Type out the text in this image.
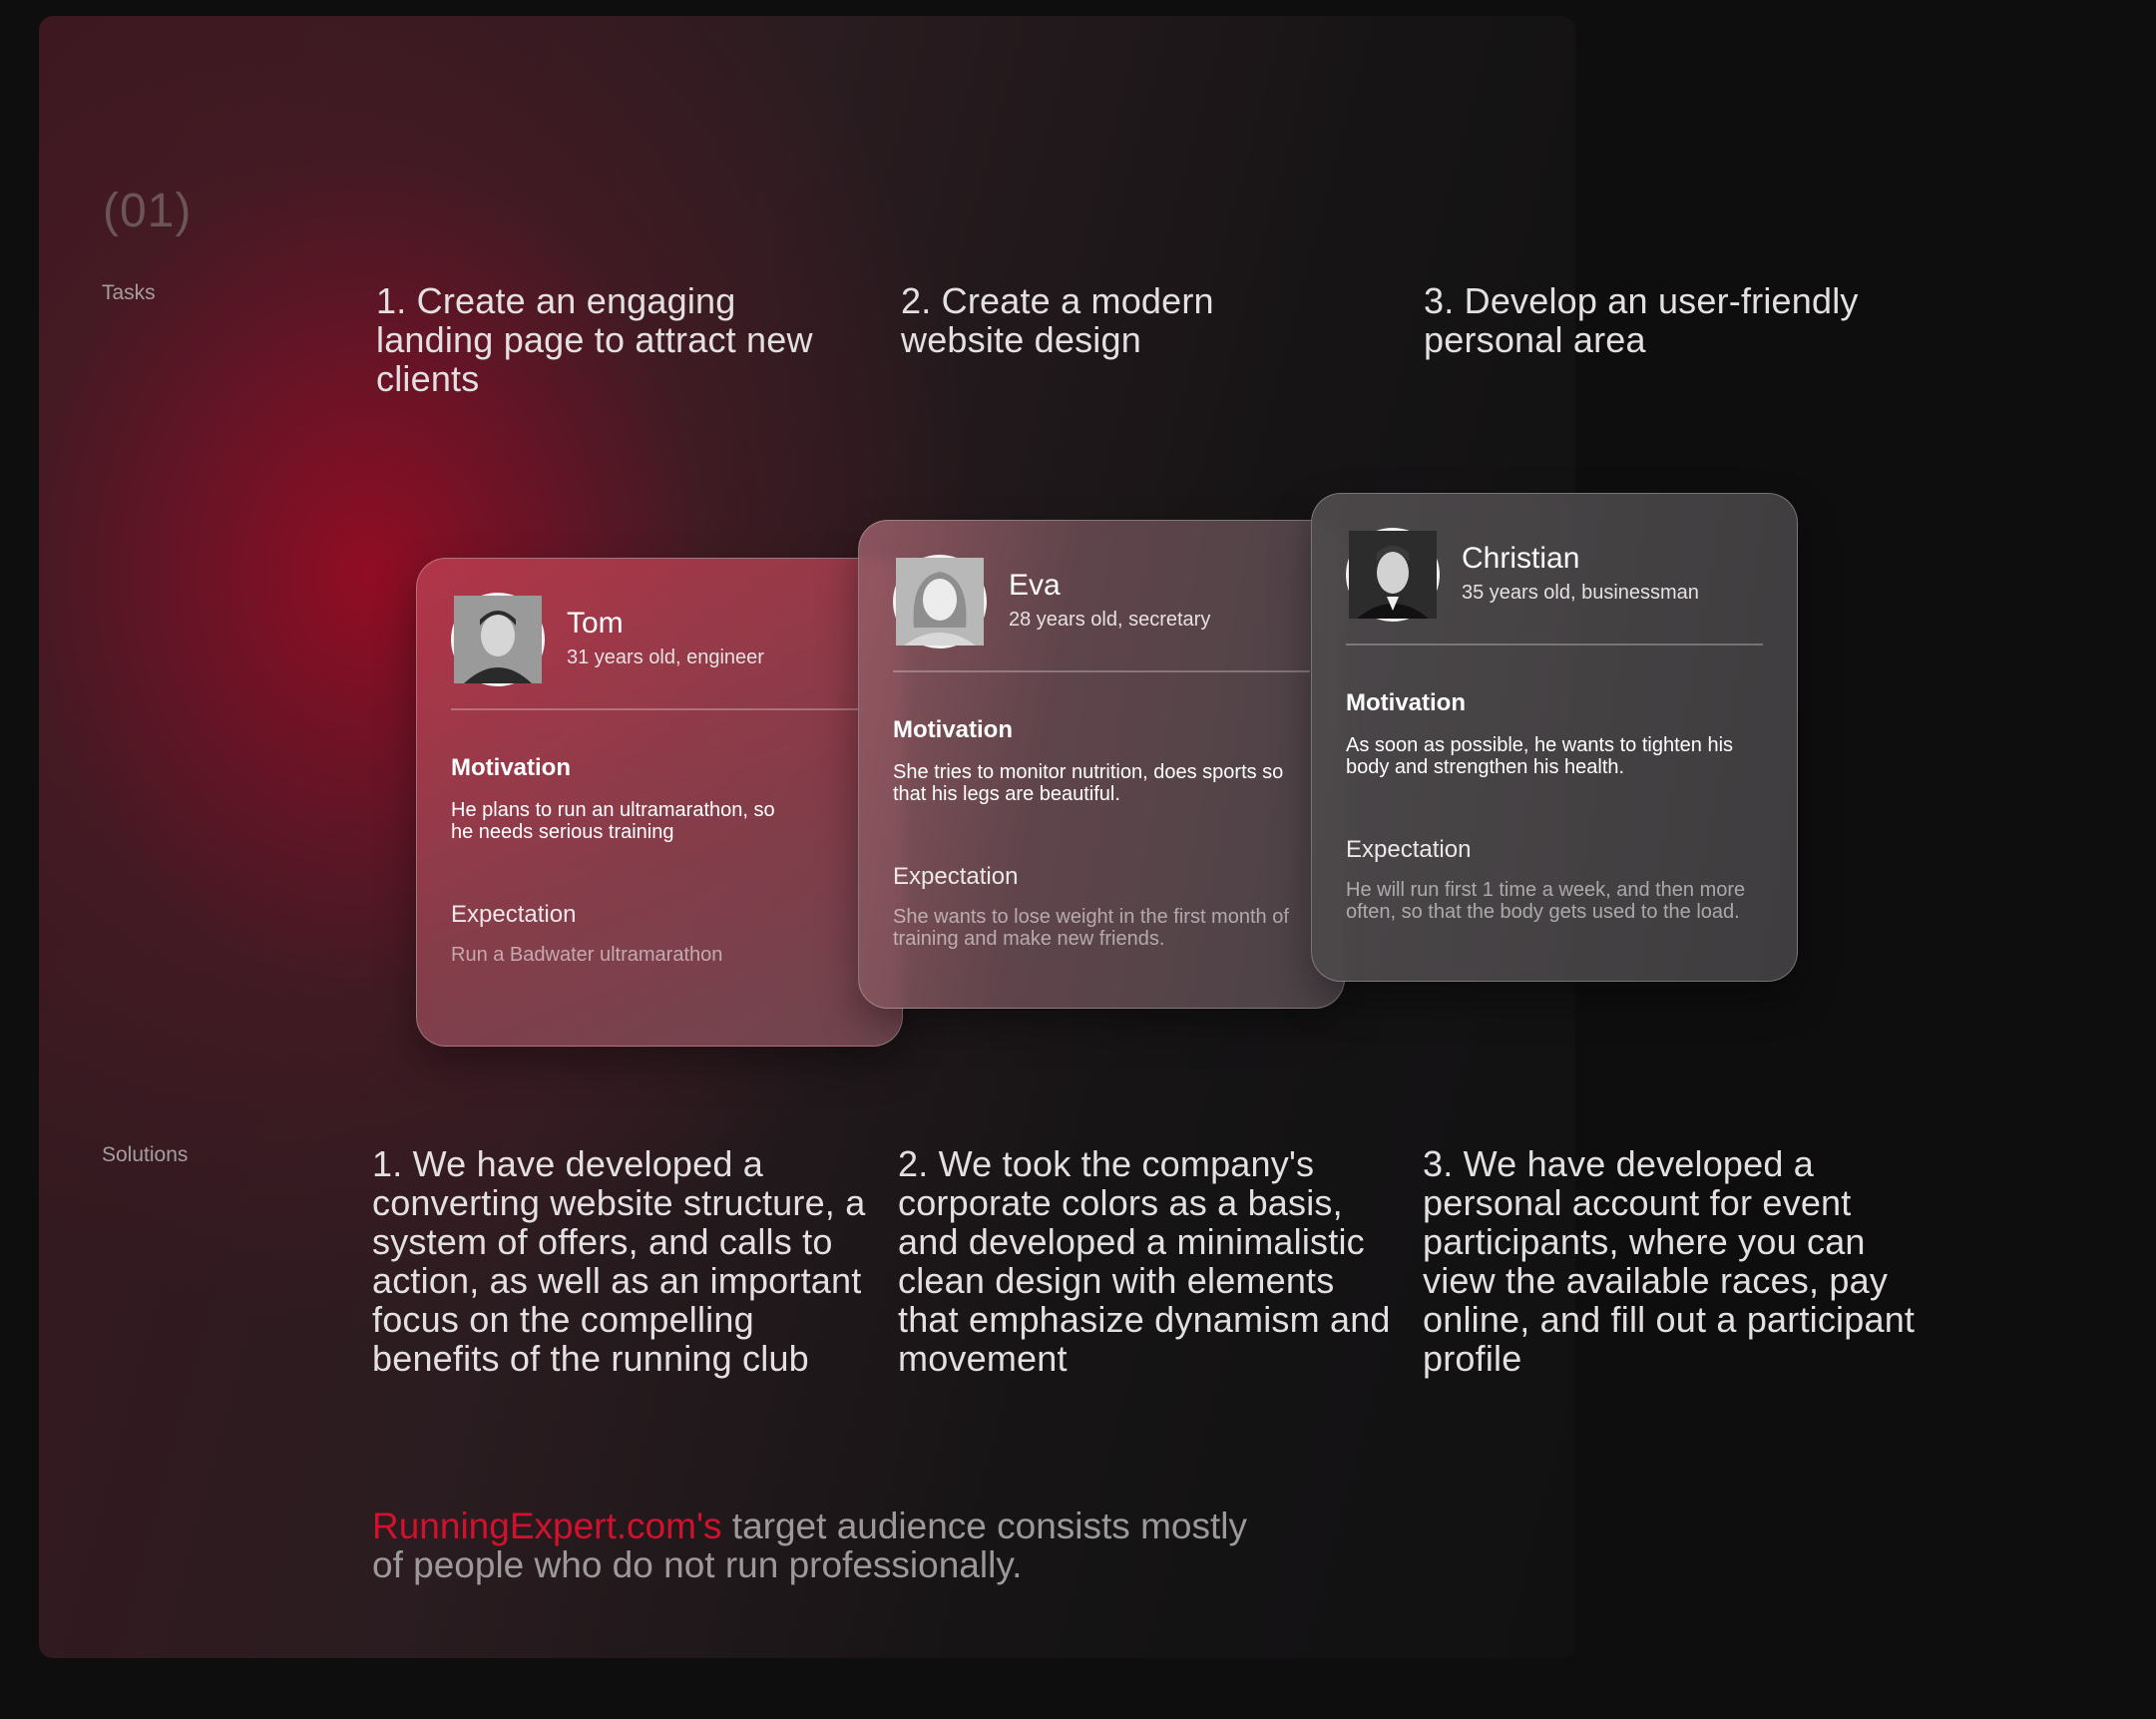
(01)
Tasks	1. Create an engaging landing page to attract new clients
2. Create a modern website design
3. Develop an user-friendly personal area
Tom
31 years old, engineer
Motivation
He plans to run an ultramarathon, so he needs serious training
Expectation
Run a Badwater ultramarathon
Eva
28 years old, secretary
Motivation
She tries to monitor nutrition, does sports so that his legs are beautiful.
Expectation
She wants to lose weight in the first month of training and make new friends.
Christian
35 years old, businessman
Motivation
As soon as possible, he wants to tighten his body and strengthen his health.
Expectation
He will run first 1 time a week, and then more often, so that the body gets used to the load.
Solutions	1. We have developed a converting website structure, a system of offers, and calls to action, as well as an important focus on the compelling benefits of the running club
2. We took the company's corporate colors as a basis, and developed a minimalistic clean design with elements that emphasize dynamism and movement
3. We have developed a personal account for event participants, where you can view the available races, pay online, and fill out a participant profile
RunningExpert.com's target audience consists mostly of people who do not run professionally.
